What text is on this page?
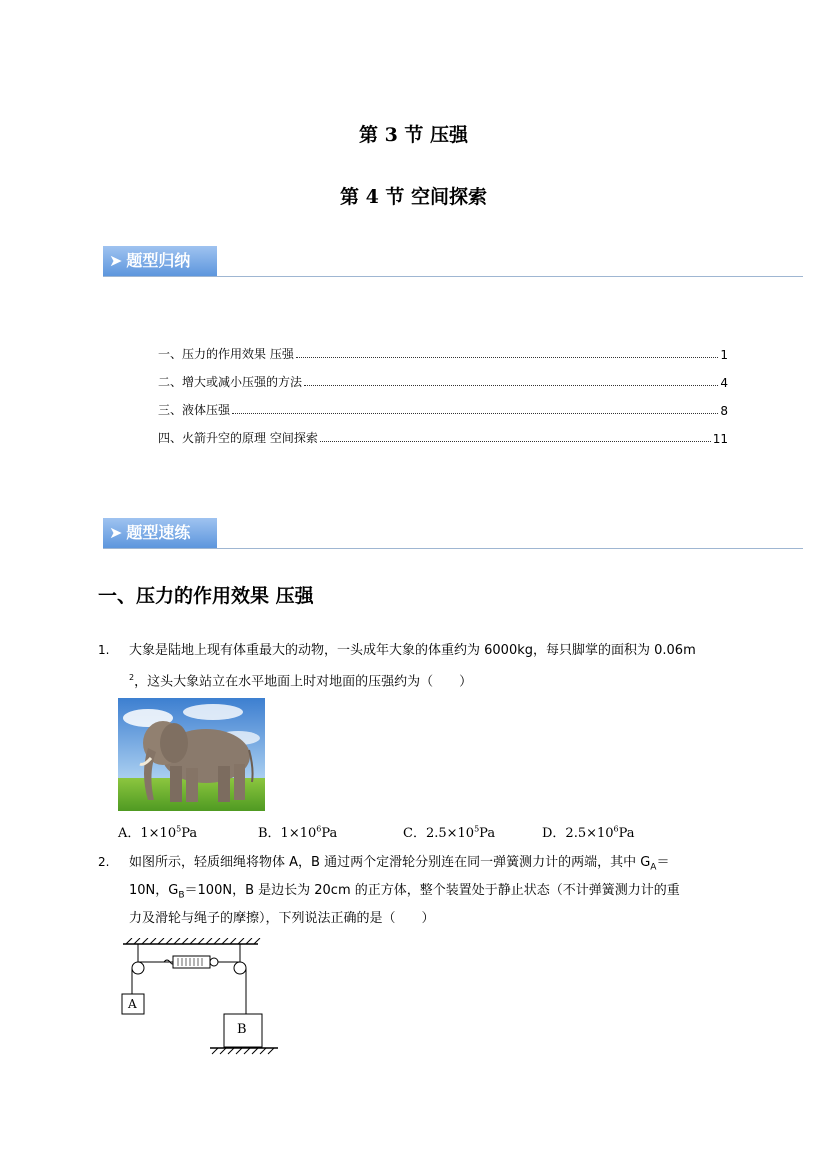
第 3 节 压强
第 4 节 空间探索
➤ 题型归纳
一、压力的作用效果 压强	1
二、增大或减小压强的方法	4
三、液体压强	8
四、火箭升空的原理 空间探索	11
➤ 题型速练
一、压力的作用效果 压强
1. 大象是陆地上现有体重最大的动物，一头成年大象的体重约为 6000kg，每只脚掌的面积为 0.06m
$^2$，这头大象站立在水平地面上时对地面的压强约为（　　）
A．$1\times 10^5Pa$	B．$1\times 10^6Pa$	C．$2.5\times 10^5Pa$	D．$2.5\times 10^6Pa$
2. 如图所示，轻质细绳将物体 A，B 通过两个定滑轮分别连在同一弹簧测力计的两端，其中 $G_A=$
10N，$G_B=100N$，B 是边长为 20cm 的正方体，整个装置处于静止状态（不计弹簧测力计的重
力及滑轮与绳子的摩擦），下列说法正确的是（　　）
A
B
